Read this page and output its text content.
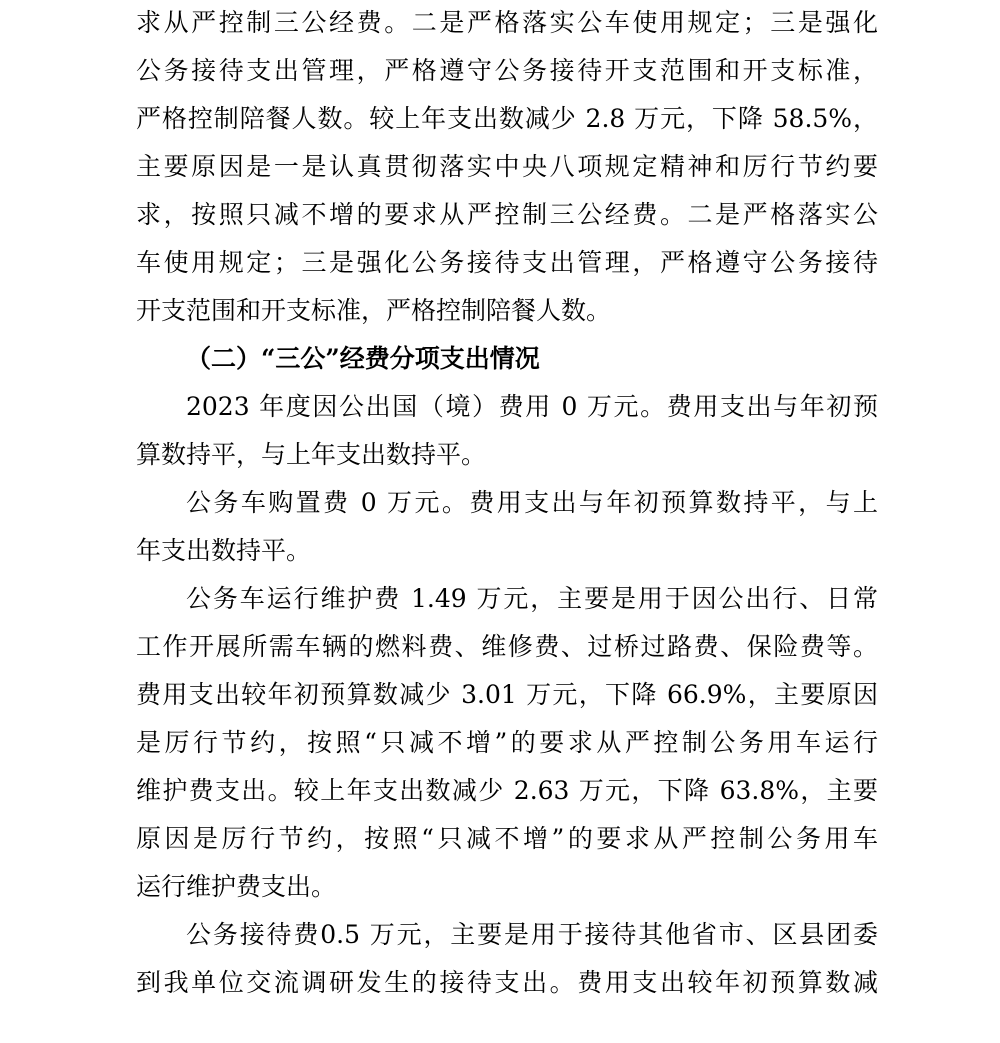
求从严控制三公经费。二是严格落实公车使用规定；三是强化
公务接待支出管理，严格遵守公务接待开支范围和开支标准，
严格控制陪餐人数。较上年支出数减少 2.8 万元，下降 58.5%，
主要原因是一是认真贯彻落实中央八项规定精神和厉行节约要
求，按照只减不增的要求从严控制三公经费。二是严格落实公
车使用规定；三是强化公务接待支出管理，严格遵守公务接待
开支范围和开支标准，严格控制陪餐人数。
（二）“三公”经费分项支出情况
2023 年度因公出国（境）费用 0 万元。费用支出与年初预
算数持平，与上年支出数持平。
公务车购置费 0 万元。费用支出与年初预算数持平，与上
年支出数持平。
公务车运行维护费 1.49 万元，主要是用于因公出行、日常
工作开展所需车辆的燃料费、维修费、过桥过路费、保险费等。
费用支出较年初预算数减少 3.01 万元，下降 66.9%，主要原因
是厉行节约，按照“只减不增”的要求从严控制公务用车运行
维护费支出。较上年支出数减少 2.63 万元，下降 63.8%，主要
原因是厉行节约，按照“只减不增”的要求从严控制公务用车
运行维护费支出。
公务接待费0.5 万元，主要是用于接待其他省市、区县团委
到我单位交流调研发生的接待支出。费用支出较年初预算数减
